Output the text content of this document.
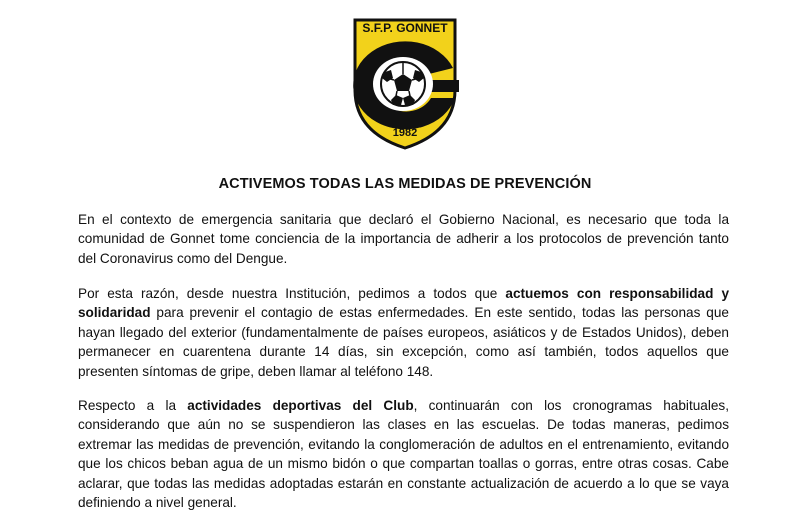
S.F.P. GONNET
1982
ACTIVEMOS TODAS LAS MEDIDAS DE PREVENCIÓN

En el contexto de emergencia sanitaria que declaró el Gobierno Nacional, es necesario que toda la comunidad de Gonnet tome conciencia de la importancia de adherir a los protocolos de prevención tanto del Coronavirus como del Dengue.

Por esta razón, desde nuestra Institución, pedimos a todos que actuemos con responsabilidad y solidaridad para prevenir el contagio de estas enfermedades. En este sentido, todas las personas que hayan llegado del exterior (fundamentalmente de países europeos, asiáticos y de Estados Unidos), deben permanecer en cuarentena durante 14 días, sin excepción, como así también, todos aquellos que presenten síntomas de gripe, deben llamar al teléfono 148.

Respecto a la actividades deportivas del Club, continuarán con los cronogramas habituales, considerando que aún no se suspendieron las clases en las escuelas. De todas maneras, pedimos extremar las medidas de prevención, evitando la conglomeración de adultos en el entrenamiento, evitando que los chicos beban agua de un mismo bidón o que compartan toallas o gorras, entre otras cosas. Cabe aclarar, que todas las medidas adoptadas estarán en constante actualización de acuerdo a lo que se vaya definiendo a nivel general.
